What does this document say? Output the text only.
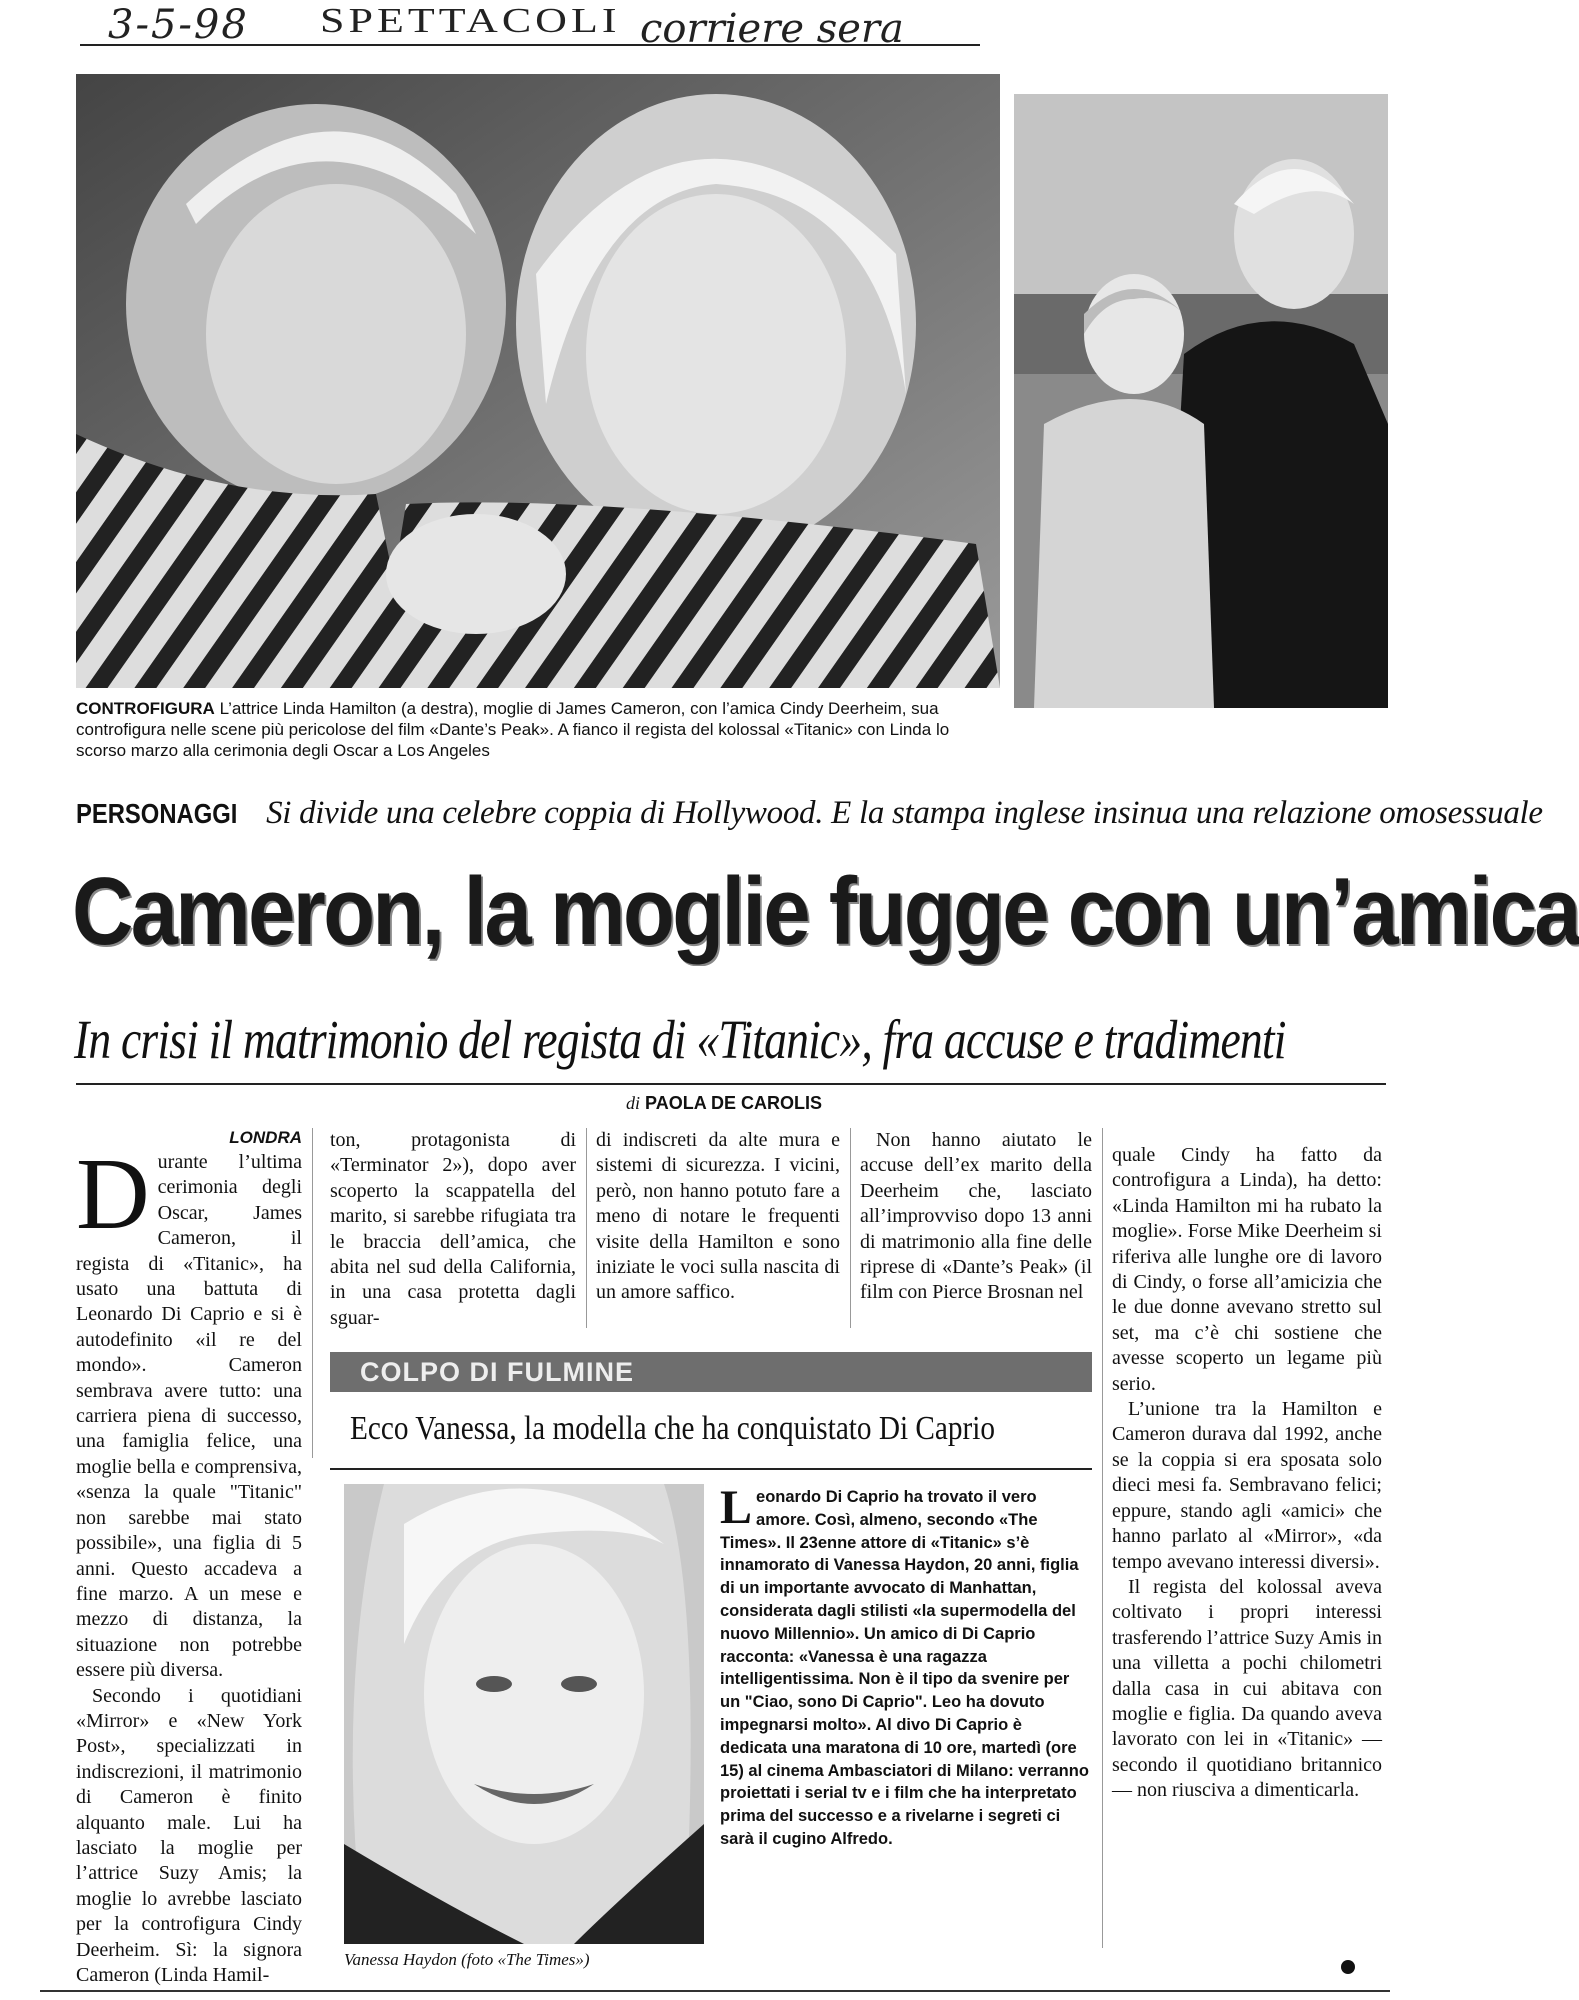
3-5-98 SPETTACOLI corriere sera
CONTROFIGURA L’attrice Linda Hamilton (a destra), moglie di James Cameron, con l’amica Cindy Deerheim, sua controfigura nelle scene più pericolose del film «Dante’s Peak». A fianco il regista del kolossal «Titanic» con Linda lo scorso marzo alla cerimonia degli Oscar a Los Angeles
PERSONAGGI Si divide una celebre coppia di Hollywood. E la stampa inglese insinua una relazione omosessuale
Cameron, la moglie fugge con un’amica
In crisi il matrimonio del regista di «Titanic», fra accuse e tradimenti
di PAOLA DE CAROLIS
LONDRA
D urante l’ultima cerimonia degli Oscar, James Cameron, il regista di «Titanic», ha usato una battuta di Leonardo Di Caprio e si è autodefinito «il re del mondo». Cameron sembrava avere tutto: una carriera piena di successo, una famiglia felice, una moglie bella e comprensiva, «senza la quale "Titanic" non sarebbe mai stato possibile», una figlia di 5 anni. Questo accadeva a fine marzo. A un mese e mezzo di distanza, la situazione non potrebbe essere più diversa.

Secondo i quotidiani «Mirror» e «New York Post», specializzati in indiscrezioni, il matrimonio di Cameron è finito alquanto male. Lui ha lasciato la moglie per l’attrice Suzy Amis; la moglie lo avrebbe lasciato per la controfigura Cindy Deerheim. Sì: la signora Cameron (Linda Hamil-

ton, protagonista di «Terminator 2»), dopo aver scoperto la scappatella del marito, si sarebbe rifugiata tra le braccia dell’amica, che abita nel sud della California, in una casa protetta dagli sguar-

di indiscreti da alte mura e sistemi di sicurezza. I vicini, però, non hanno potuto fare a meno di notare le frequenti visite della Hamilton e sono iniziate le voci sulla nascita di un amore saffico.

Non hanno aiutato le accuse dell’ex marito della Deerheim che, lasciato all’improvviso dopo 13 anni di matrimonio alla fine delle riprese di «Dante’s Peak» (il film con Pierce Brosnan nel

quale Cindy ha fatto da controfigura a Linda), ha detto: «Linda Hamilton mi ha rubato la moglie». Forse Mike Deerheim si riferiva alle lunghe ore di lavoro di Cindy, o forse all’amicizia che le due donne avevano stretto sul set, ma c’è chi sostiene che avesse scoperto un legame più serio.

L’unione tra la Hamilton e Cameron durava dal 1992, anche se la coppia si era sposata solo dieci mesi fa. Sembravano felici; eppure, stando agli «amici» che hanno parlato al «Mirror», «da tempo avevano interessi diversi».

Il regista del kolossal aveva coltivato i propri interessi trasferendo l’attrice Suzy Amis in una villetta a pochi chilometri dalla casa in cui abitava con moglie e figlia. Da quando aveva lavorato con lei in «Titanic» — secondo il quotidiano britannico — non riusciva a dimenticarla.

COLPO DI FULMINE
Ecco Vanessa, la modella che ha conquistato Di Caprio
Vanessa Haydon (foto «The Times»)
L eonardo Di Caprio ha trovato il vero amore. Così, almeno, secondo «The Times». Il 23enne attore di «Titanic» s’è innamorato di Vanessa Haydon, 20 anni, figlia di un importante avvocato di Manhattan, considerata dagli stilisti «la supermodella del nuovo Millennio». Un amico di Di Caprio racconta: «Vanessa è una ragazza intelligentissima. Non è il tipo da svenire per un "Ciao, sono Di Caprio". Leo ha dovuto impegnarsi molto». Al divo Di Caprio è dedicata una maratona di 10 ore, martedì (ore 15) al cinema Ambasciatori di Milano: verranno proiettati i serial tv e i film che ha interpretato prima del successo e a rivelarne i segreti ci sarà il cugino Alfredo.
